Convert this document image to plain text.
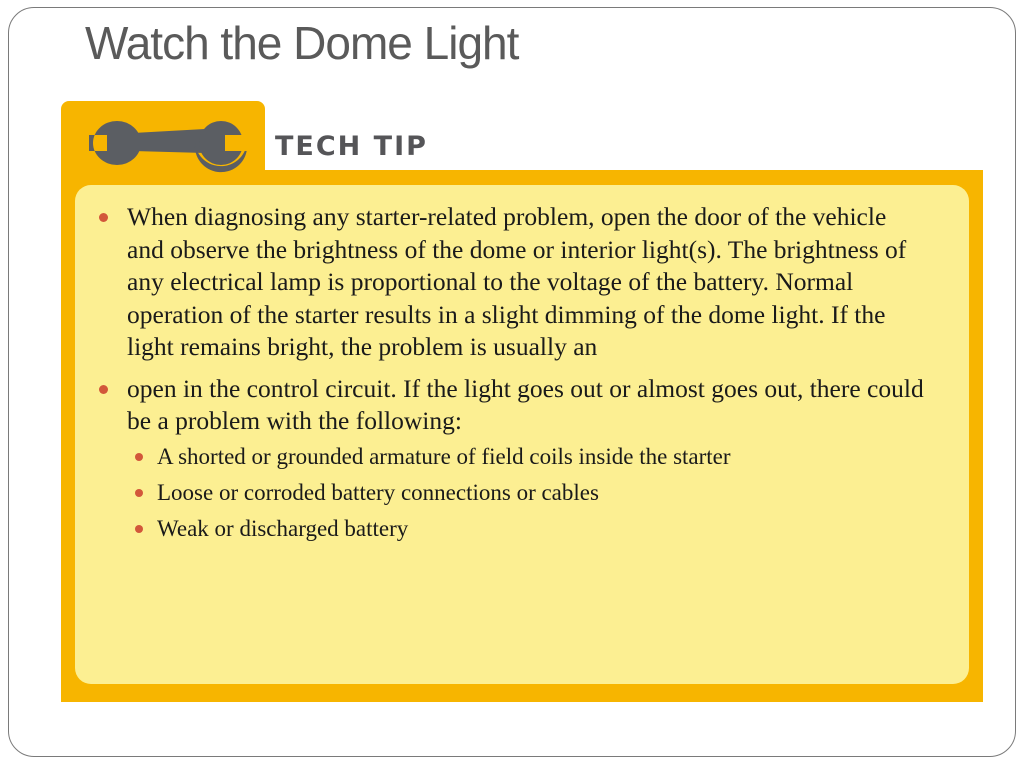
Watch the Dome Light
TECH TIP
When diagnosing any starter-related problem, open the door of the vehicle and observe the brightness of the dome or interior light(s). The brightness of any electrical lamp is proportional to the voltage of the battery. Normal operation of the starter results in a slight dimming of the dome light. If the light remains bright, the problem is usually an
open in the control circuit. If the light goes out or almost goes out, there could be a problem with the following:
A shorted or grounded armature of field coils inside the starter
Loose or corroded battery connections or cables
Weak or discharged battery
